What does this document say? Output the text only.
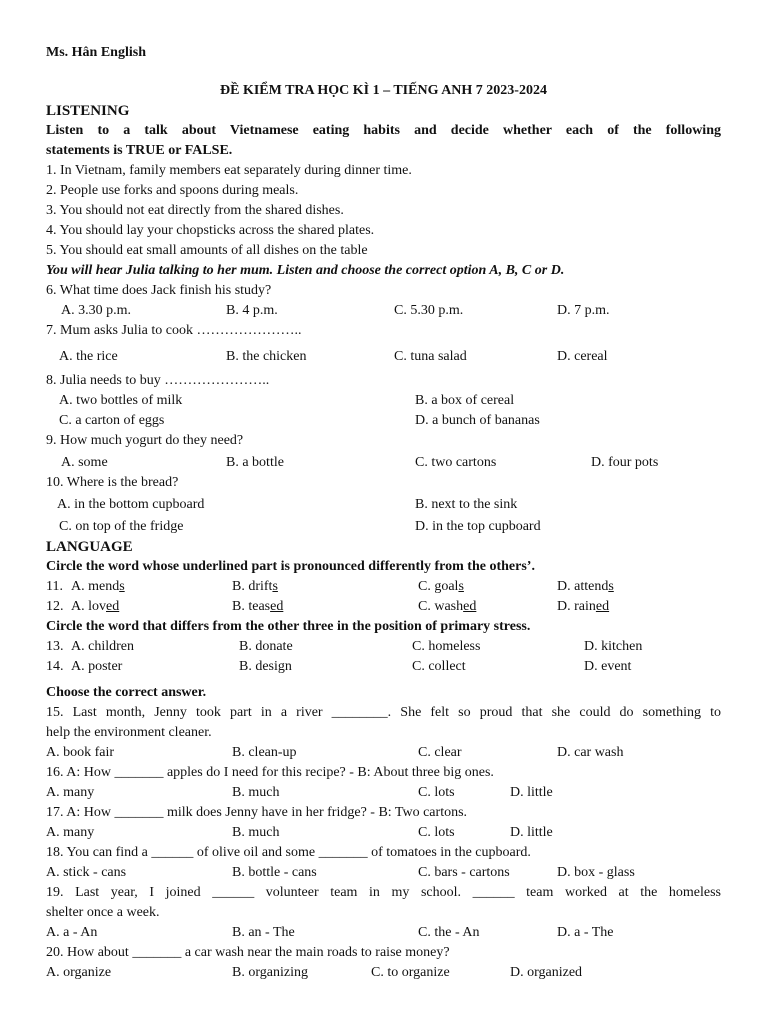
Ms. Hân English
ĐỀ KIỂM TRA HỌC KÌ 1 – TIẾNG ANH 7 2023-2024
LISTENING
Listen to a talk about Vietnamese eating habits and decide whether each of the following
statements is TRUE or FALSE.
1. In Vietnam, family members eat separately during dinner time.
2. People use forks and spoons during meals.
3. You should not eat directly from the shared dishes.
4. You should lay your chopsticks across the shared plates.
5. You should eat small amounts of all dishes on the table
You will hear Julia talking to her mum. Listen and choose the correct option A, B, C or D.
6. What time does Jack finish his study?
A. 3.30 p.m.	B. 4 p.m.	C. 5.30 p.m.	D. 7 p.m.
7. Mum asks Julia to cook …………………..
A. the rice	B. the chicken	C. tuna salad	D. cereal
8. Julia needs to buy …………………..
A. two bottles of milk	B. a box of cereal
C. a carton of eggs	D. a bunch of bananas
9. How much yogurt do they need?
A. some	B. a bottle	C. two cartons	D. four pots
10. Where is the bread?
A. in the bottom cupboard	B. next to the sink
C. on top of the fridge	D. in the top cupboard
LANGUAGE
Circle the word whose underlined part is pronounced differently from the others’.
11. A. mends	B. drifts	C. goals	D. attends
12. A. loved	B. teased	C. washed	D. rained
Circle the word that differs from the other three in the position of primary stress.
13. A. children	B. donate	C. homeless	D. kitchen
14. A. poster	B. design	C. collect	D. event
Choose the correct answer.
15. Last month, Jenny took part in a river ________. She felt so proud that she could do something to
help the environment cleaner.
A. book fair	B. clean-up	C. clear	D. car wash
16. A: How _______ apples do I need for this recipe? - B: About three big ones.
A. many	B. much	C. lots	D. little
17. A: How _______ milk does Jenny have in her fridge? - B: Two cartons.
A. many	B. much	C. lots	D. little
18. You can find a ______ of olive oil and some _______ of tomatoes in the cupboard.
A. stick - cans	B. bottle - cans	C. bars - cartons	D. box - glass
19. Last year, I joined ______ volunteer team in my school. ______ team worked at the homeless
shelter once a week.
A. a - An	B. an - The	C. the - An	D. a - The
20. How about _______ a car wash near the main roads to raise money?
A. organize	B. organizing	C. to organize	D. organized
